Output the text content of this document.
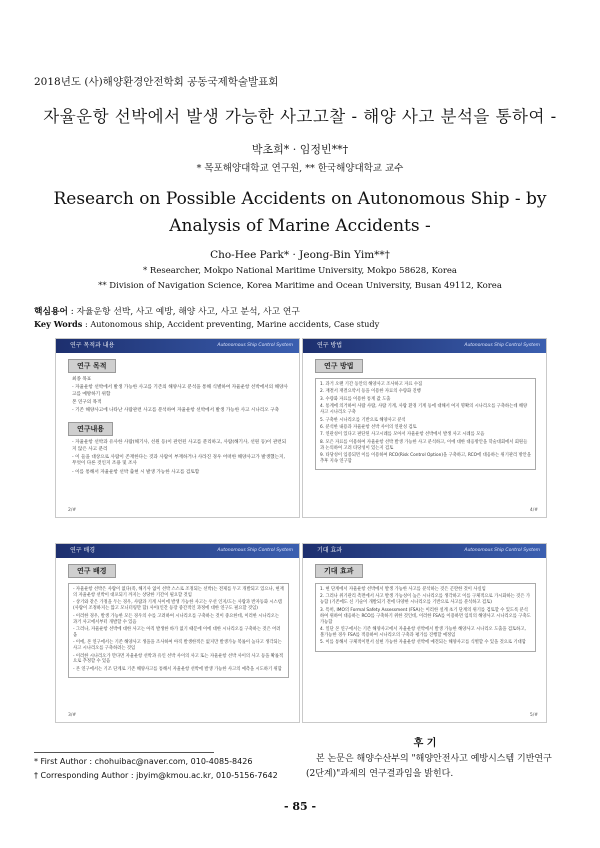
2018년도 (사)해양환경안전학회 공동국제학술발표회
자율운항 선박에서 발생 가능한 사고고찰 - 해양 사고 분석을 통하여 -
박초희* · 임정빈**†
* 목포해양대학교 연구원, ** 한국해양대학교 교수
Research on Possible Accidents on Autonomous Ship - by Analysis of Marine Accidents -
Cho-Hee Park* · Jeong-Bin Yim**†
* Researcher, Mokpo National Maritime University, Mokpo 58628, Korea
** Division of Navigation Science, Korea Maritime and Ocean University, Busan 49112, Korea
핵심용어 : 자율운항 선박, 사고 예방, 해양 사고, 사고 분석, 사고 연구
Key Words : Autonomous ship, Accident preventing, Marine accidents, Case study
연구 목적과 내용	Autonomous Ship Control System
연구 목적

최종 목표

- 자율운항 선박에서 발생 가능한 사고를 기존의 해양사고 분석을 통해 식별하여 자율운항 선박에서의 해양사고를 예방하기 위함

본 연구의 목적

- 기존 해양사고에 나타난 사람관련 사고를 분석하여 자율운항 선박에서 발생 가능한 사고 시나리오 구축

연구내용

- 자율운항 선박과 유사한 사람(해기사, 선원 등)이 관련된 사고를 분리하고, 사람(해기사, 선원 등)이 관련되지 않은 사고 분리

- 이 들을 대상으로 사람이 존재한다는 것과 사람이 부재하거나 사라진 경우 어떠한 해양사고가 발생했는지, 무엇이 다른 것인지 조용 및 조사

- 이를 통해서 자율운항 선박 출현 시 발생 가능한 사고를 검토함

2/#
연구 방법	Autonomous Ship Control System
연구 방법

1. 과거 오랜 기간 동안의 해양사고 조사하고 자료 수집

2. 재결서 재결요약서 등을 이용한 자료의 수량화 진행

3. 수량화 자료를 이용한 통계 값 도출

4. 통계에 의거하여 사람 사람, 사람 기계, 사람 환경 기계 등에 대해서 여지 명확의 시나리오를 구축하는데 해양사고 시나리오 구축

5. 구축한 시나리오를 기반으로 해양사고 분석

6. 분석한 내용과 자율운항 선박 사이의 연관성 검토

7. 연관성이 있다고 판단된 사고시례를 모아서 자율운항 선박에서 발생 사고 시례를 모음

8. 모은 자료를 이용하여 자율운항 선박 발생 가능한 사고 분석하고, 이에 대한 대응방안을 학술대회에서 회원들과 논의하여 고려 타당성이 있는지 검토

9. 타당성이 입증되면 이를 이용하여 RCO(Risk Control Option)을 구축하고, RCO에 대응하는 위기관리 방안을 추후 지속 연구함

4/#
연구 배경	Autonomous Ship Control System
연구 배경

- 자율운항 선박은 사람이 없다(즉, 해기사 없이 선박 스스로 조정되는 선박)는 전제를 두고 개발되고 있으나, 현재의 자율운항 선박이 대포되기 까지는 상당한 기간이 필요할 것임

- 상기와 같은 가정을 두는 경우, 사람과 기계 사이에 발생 가능한 사고는 우선 인지/도는 사람과 반자동화 시스템(사람이 조정하지는 않고 모니터링만 함) 사이(인간 등장 중간적인 과정에 대한 연구도 필요할 것임)

- 이러한 경우, 발생 가능한 모든 경우의 수를 고려하여 시나리오를 구축하는 것이 중요한데, 이러한 시나리오는 과거 사고에서부터 개발할 수 있음

- 그러나, 자율운항 선박에 대한 사고는 아직 발생한 바가 없기 때문에 이에 대한 시나리오를 구축하는 것은 어려움

- 이에, 본 연구에서는 기존 해양사고 생을을 조사하여 아직 발생한적은 없지만 발생가능 복률이 높다고 생각되는 사고 시나리오를 구축하려는 것임

- 이러한 시나리오가 만다면 자율운항 선박과 유인 선박 사이의 사고 또는 자율운항 선박 사이의 사고 등을 확률적으로 추정할 수 있음

- 본 연구에서는 기조 단계로 기존 해양사고를 통해서 자율운항 선박에 발생 가능한 사고의 예측을 시도하기 위함

3/#
기대 효과	Autonomous Ship Control System
기대 효과

1. 현 단계에서 자율운항 선박에서 발생 가능한 사고를 분석하는 것은 곤란한 것이 사실임

2. 그러나 위기관리 측면에서 사고 발생 가능성이 높은 시나리오를 생각하고 이를 구체적으로 가시화하는 것은 가능함 (기존에도 신 기술이 개발되기 전에 다양한 시나리오를 기반으로 사고를 분석하고 검토)

3. 특히, IMO의 Formal Safety Assessment (FSA)는 이러한 설계 초기 단계의 위기를 검토할 수 있도록 분석하여 위하여 대응하는 RCO를 구축하기 위한 것인데, 이러한 FSA를 이용하면 임의의 해양사고 시나리오를 구축도 가능함

4. 일단 본 연구에서는 기존 해양사고에서 자율운항 선박에서 발생 가능한 해양사고 시나리오 도출을 검토하고, 볼가능한 경우 FSA를 적용하여 시나리오의 구축과 평가를 진행할 예정임

5. 이를 통해서 구체적이면서 실현 가능한 자율운항 선박에 예견되는 해양사고를 식별할 수 있을 것으로 기대함

5/#
후 기
본 논문은 해양수산부의 "해양안전사고 예방시스템 기반연구(2단계)"과제의 연구결과임을 밝힌다.
* First Author : chohuibac@naver.com, 010-4085-8426
† Corresponding Author : jbyim@kmou.ac.kr, 010-5156-7642
- 85 -
